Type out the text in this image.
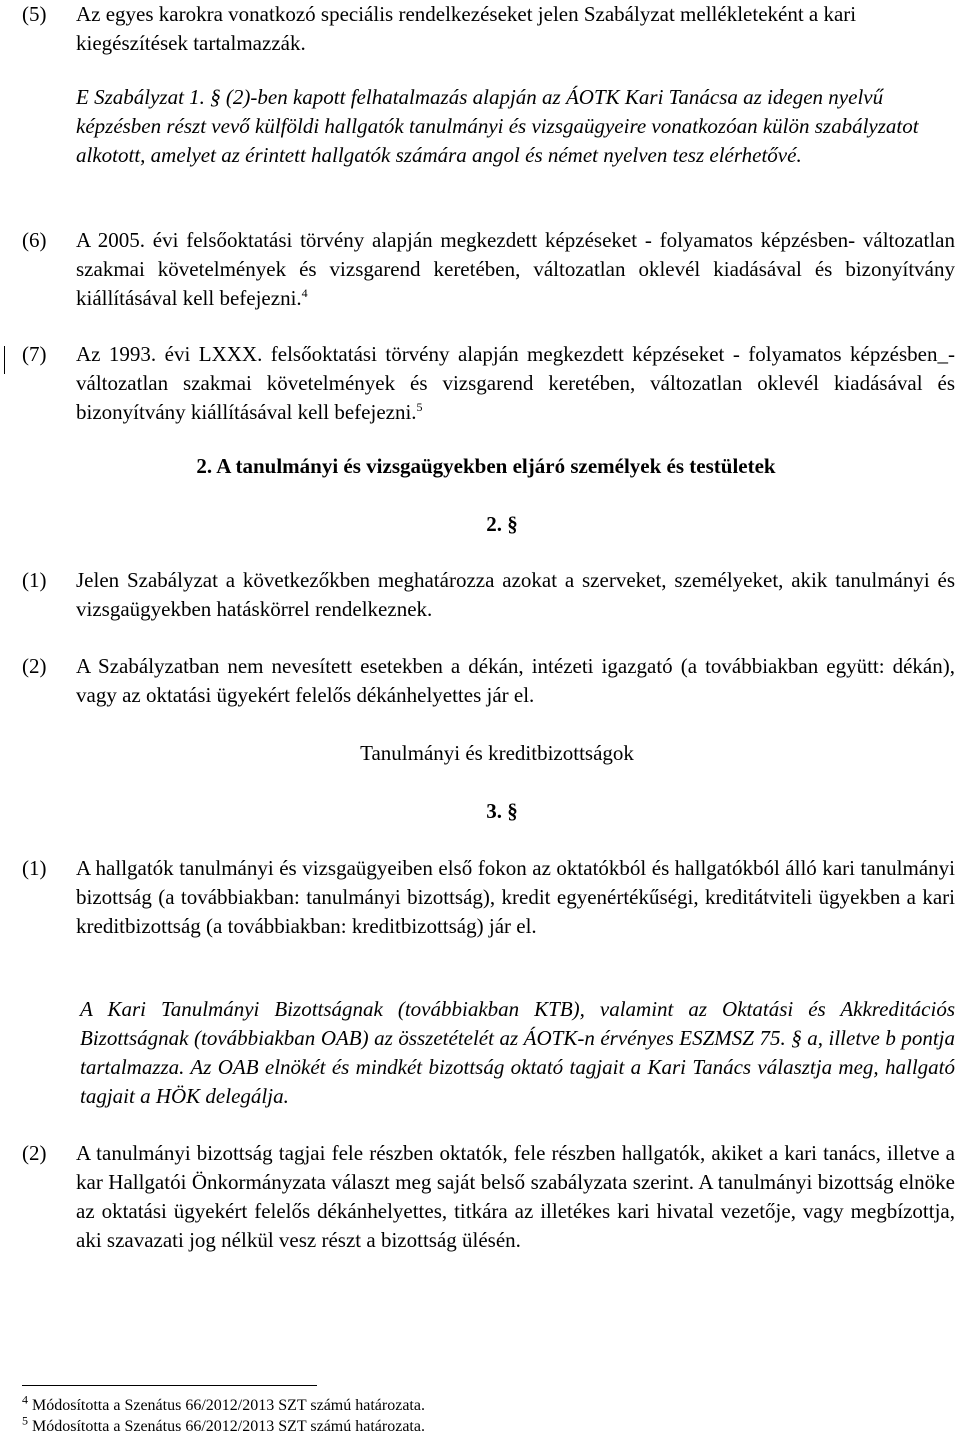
(5) Az egyes karokra vonatkozó speciális rendelkezéseket jelen Szabályzat mellékleteként a kari kiegészítések tartalmazzák.
E Szabályzat 1. § (2)-ben kapott felhatalmazás alapján az ÁOTK Kari Tanácsa az idegen nyelvű képzésben részt vevő külföldi hallgatók tanulmányi és vizsgaügyeire vonatkozóan külön szabályzatot alkotott, amelyet az érintett hallgatók számára angol és német nyelven tesz elérhetővé.
(6) A 2005. évi felsőoktatási törvény alapján megkezdett képzéseket - folyamatos képzésben- változatlan szakmai követelmények és vizsgarend keretében, változatlan oklevél kiadásával és bizonyítvány kiállításával kell befejezni.$^4$
(7) Az 1993. évi LXXX. felsőoktatási törvény alapján megkezdett képzéseket - folyamatos képzésben_- változatlan szakmai követelmények és vizsgarend keretében, változatlan oklevél kiadásával és bizonyítvány kiállításával kell befejezni.$^5$
2. A tanulmányi és vizsgaügyekben eljáró személyek és testületek
2. §
(1) Jelen Szabályzat a következőkben meghatározza azokat a szerveket, személyeket, akik tanulmányi és vizsgaügyekben hatáskörrel rendelkeznek.
(2) A Szabályzatban nem nevesített esetekben a dékán, intézeti igazgató (a továbbiakban együtt: dékán), vagy az oktatási ügyekért felelős dékánhelyettes jár el.
Tanulmányi és kreditbizottságok
3. §
(1) A hallgatók tanulmányi és vizsgaügyeiben első fokon az oktatókból és hallgatókból álló kari tanulmányi bizottság (a továbbiakban: tanulmányi bizottság), kredit egyenértékűségi, kreditátviteli ügyekben a kari kreditbizottság (a továbbiakban: kreditbizottság) jár el.
A Kari Tanulmányi Bizottságnak (továbbiakban KTB), valamint az Oktatási és Akkreditációs Bizottságnak (továbbiakban OAB) az összetételét az ÁOTK-n érvényes ESZMSZ 75. § a, illetve b pontja tartalmazza. Az OAB elnökét és mindkét bizottság oktató tagjait a Kari Tanács választja meg, hallgató tagjait a HÖK delegálja.
(2) A tanulmányi bizottság tagjai fele részben oktatók, fele részben hallgatók, akiket a kari tanács, illetve a kar Hallgatói Önkormányzata választ meg saját belső szabályzata szerint. A tanulmányi bizottság elnöke az oktatási ügyekért felelős dékánhelyettes, titkára az illetékes kari hivatal vezetője, vagy megbízottja, aki szavazati jog nélkül vesz részt a bizottság ülésén.
$^4$ Módosította a Szenátus 66/2012/2013 SZT számú határozata.
$^5$ Módosította a Szenátus 66/2012/2013 SZT számú határozata.
